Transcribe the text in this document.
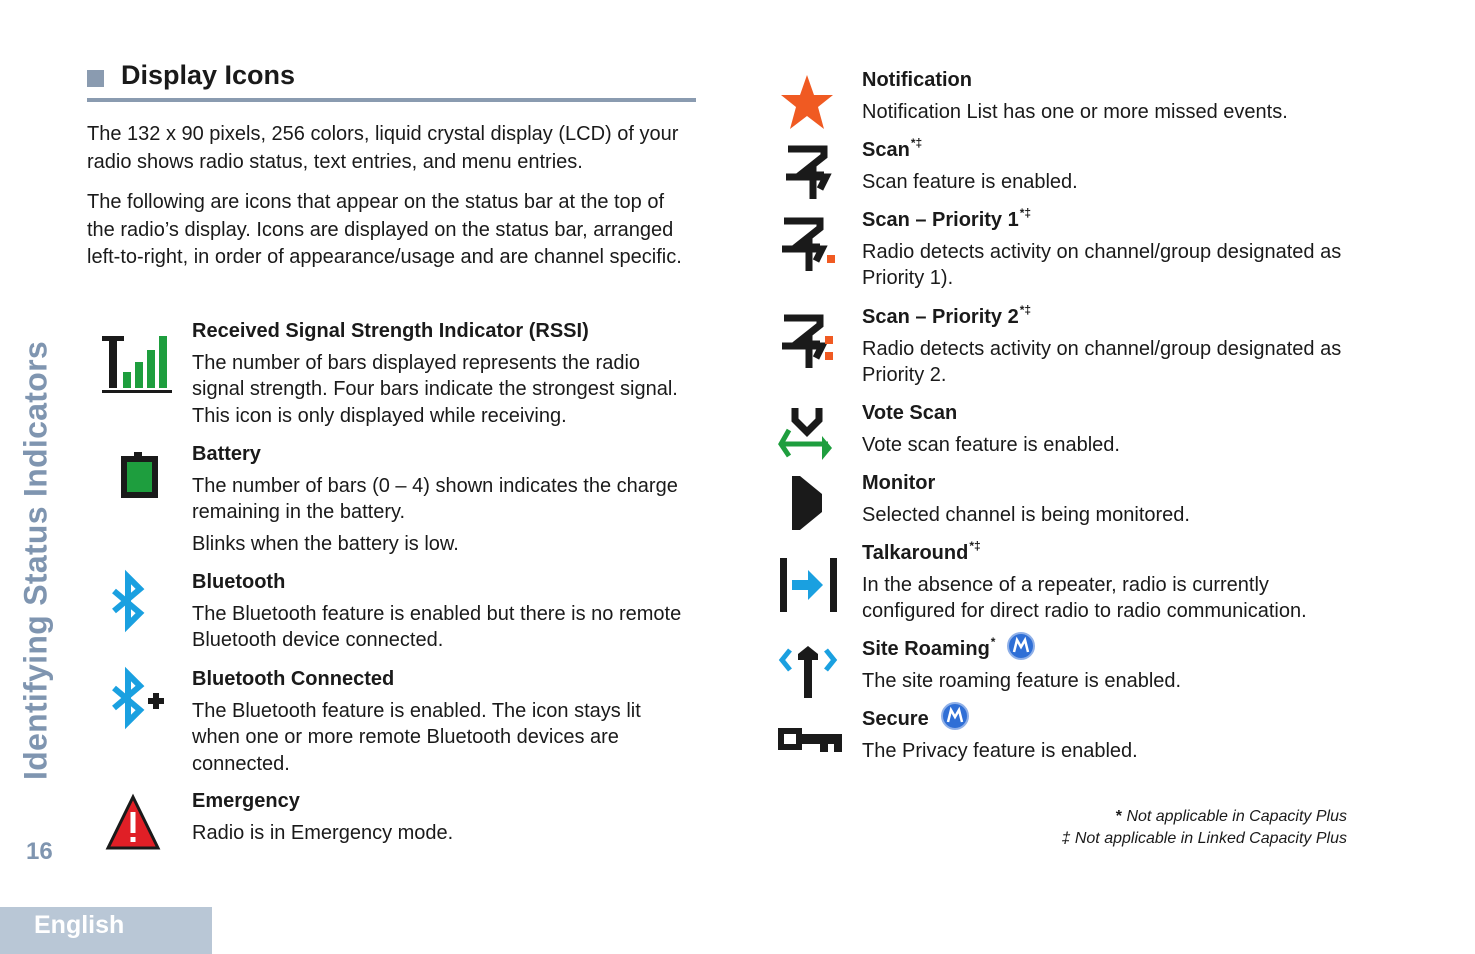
Identifying Status Indicators
16
English
Display Icons

The 132 x 90 pixels, 256 colors, liquid crystal display (LCD) of your radio shows radio status, text entries, and menu entries.

The following are icons that appear on the status bar at the top of the radio’s display. Icons are displayed on the status bar, arranged left-to-right, in order of appearance/usage and are channel specific.

Received Signal Strength Indicator (RSSI)

The number of bars displayed represents the radio signal strength. Four bars indicate the strongest signal. This icon is only displayed while receiving.

Battery

The number of bars (0 – 4) shown indicates the charge remaining in the battery.

Blinks when the battery is low.

Bluetooth

The Bluetooth feature is enabled but there is no remote Bluetooth device connected.

Bluetooth Connected

The Bluetooth feature is enabled. The icon stays lit when one or more remote Bluetooth devices are connected.

Emergency

Radio is in Emergency mode.

Notification

Notification List has one or more missed events.

Scan*‡

Scan feature is enabled.

Scan – Priority 1*‡

Radio detects activity on channel/group designated as Priority 1).

Scan – Priority 2*‡

Radio detects activity on channel/group designated as Priority 2.

Vote Scan

Vote scan feature is enabled.

Monitor

Selected channel is being monitored.

Talkaround*‡

In the absence of a repeater, radio is currently configured for direct radio to radio communication.

Site Roaming*

The site roaming feature is enabled.

Secure

The Privacy feature is enabled.

* Not applicable in Capacity Plus
‡ Not applicable in Linked Capacity Plus
